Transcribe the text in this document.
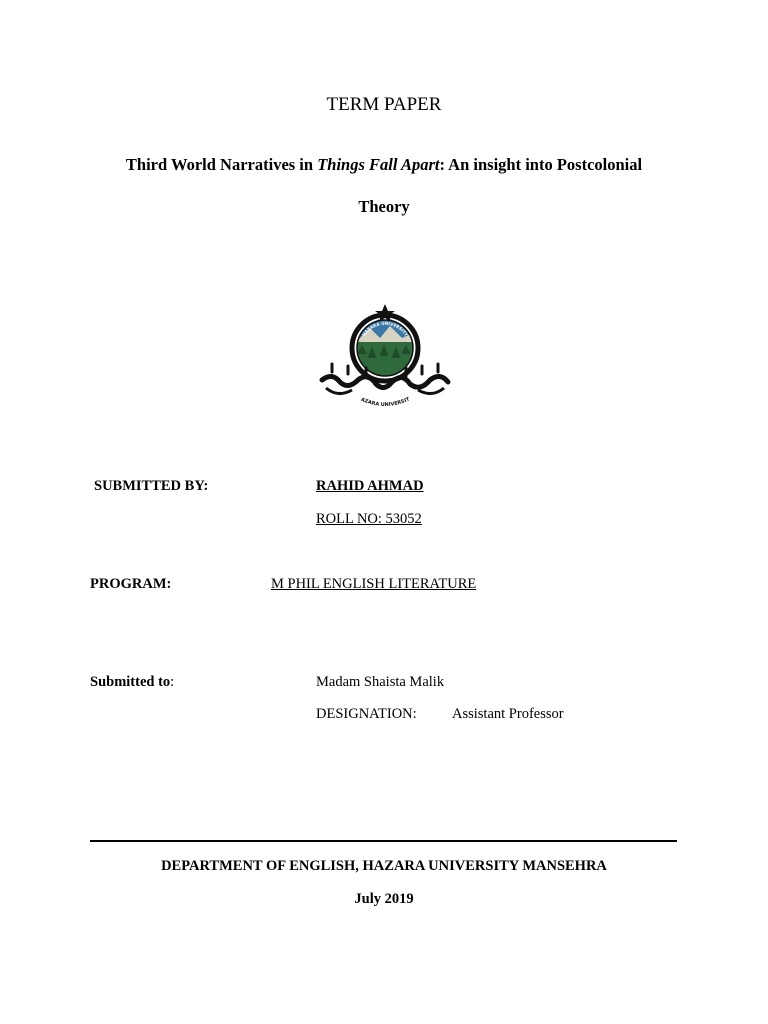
TERM PAPER
Third World Narratives in Things Fall Apart: An insight into Postcolonial
Theory
HAZARA UNIVERSITY
AZARA UNIVERSIT
SUBMITTED BY:	RAHID AHMAD
ROLL NO: 53052
PROGRAM:	M PHIL ENGLISH LITERATURE
Submitted to:	Madam Shaista Malik
DESIGNATION: Assistant Professor
DEPARTMENT OF ENGLISH, HAZARA UNIVERSITY MANSEHRA
July 2019
